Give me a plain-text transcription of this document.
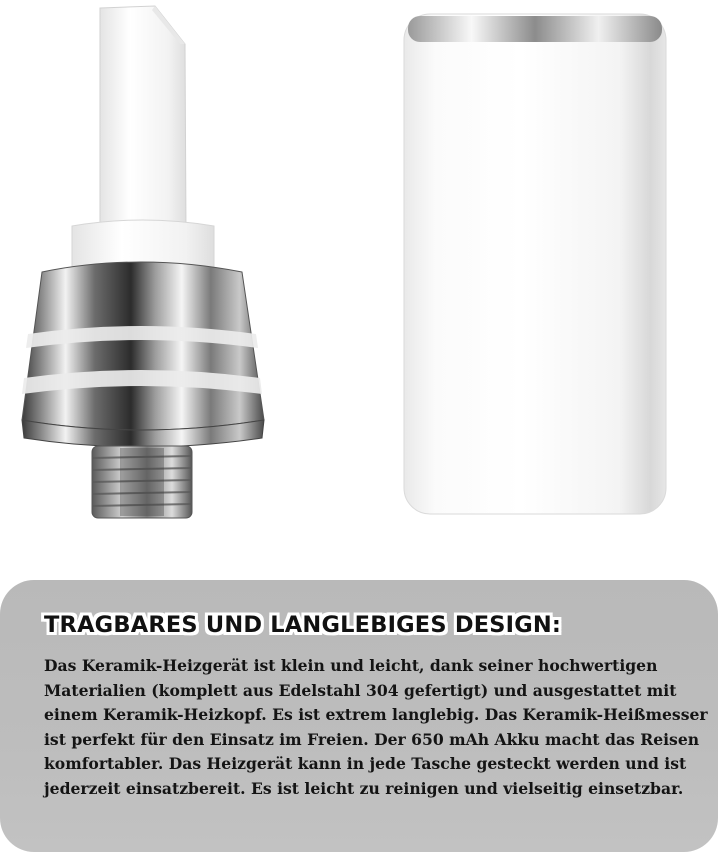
TRAGBARES UND LANGLEBIGES DESIGN:

Das Keramik-Heizgerät ist klein und leicht, dank seiner hochwertigen Materialien (komplett aus Edelstahl 304 gefertigt) und ausgestattet mit einem Keramik-Heizkopf. Es ist extrem langlebig. Das Keramik-Heißmesser ist perfekt für den Einsatz im Freien. Der 650 mAh Akku macht das Reisen komfortabler. Das Heizgerät kann in jede Tasche gesteckt werden und ist jederzeit einsatzbereit. Es ist leicht zu reinigen und vielseitig einsetzbar.
